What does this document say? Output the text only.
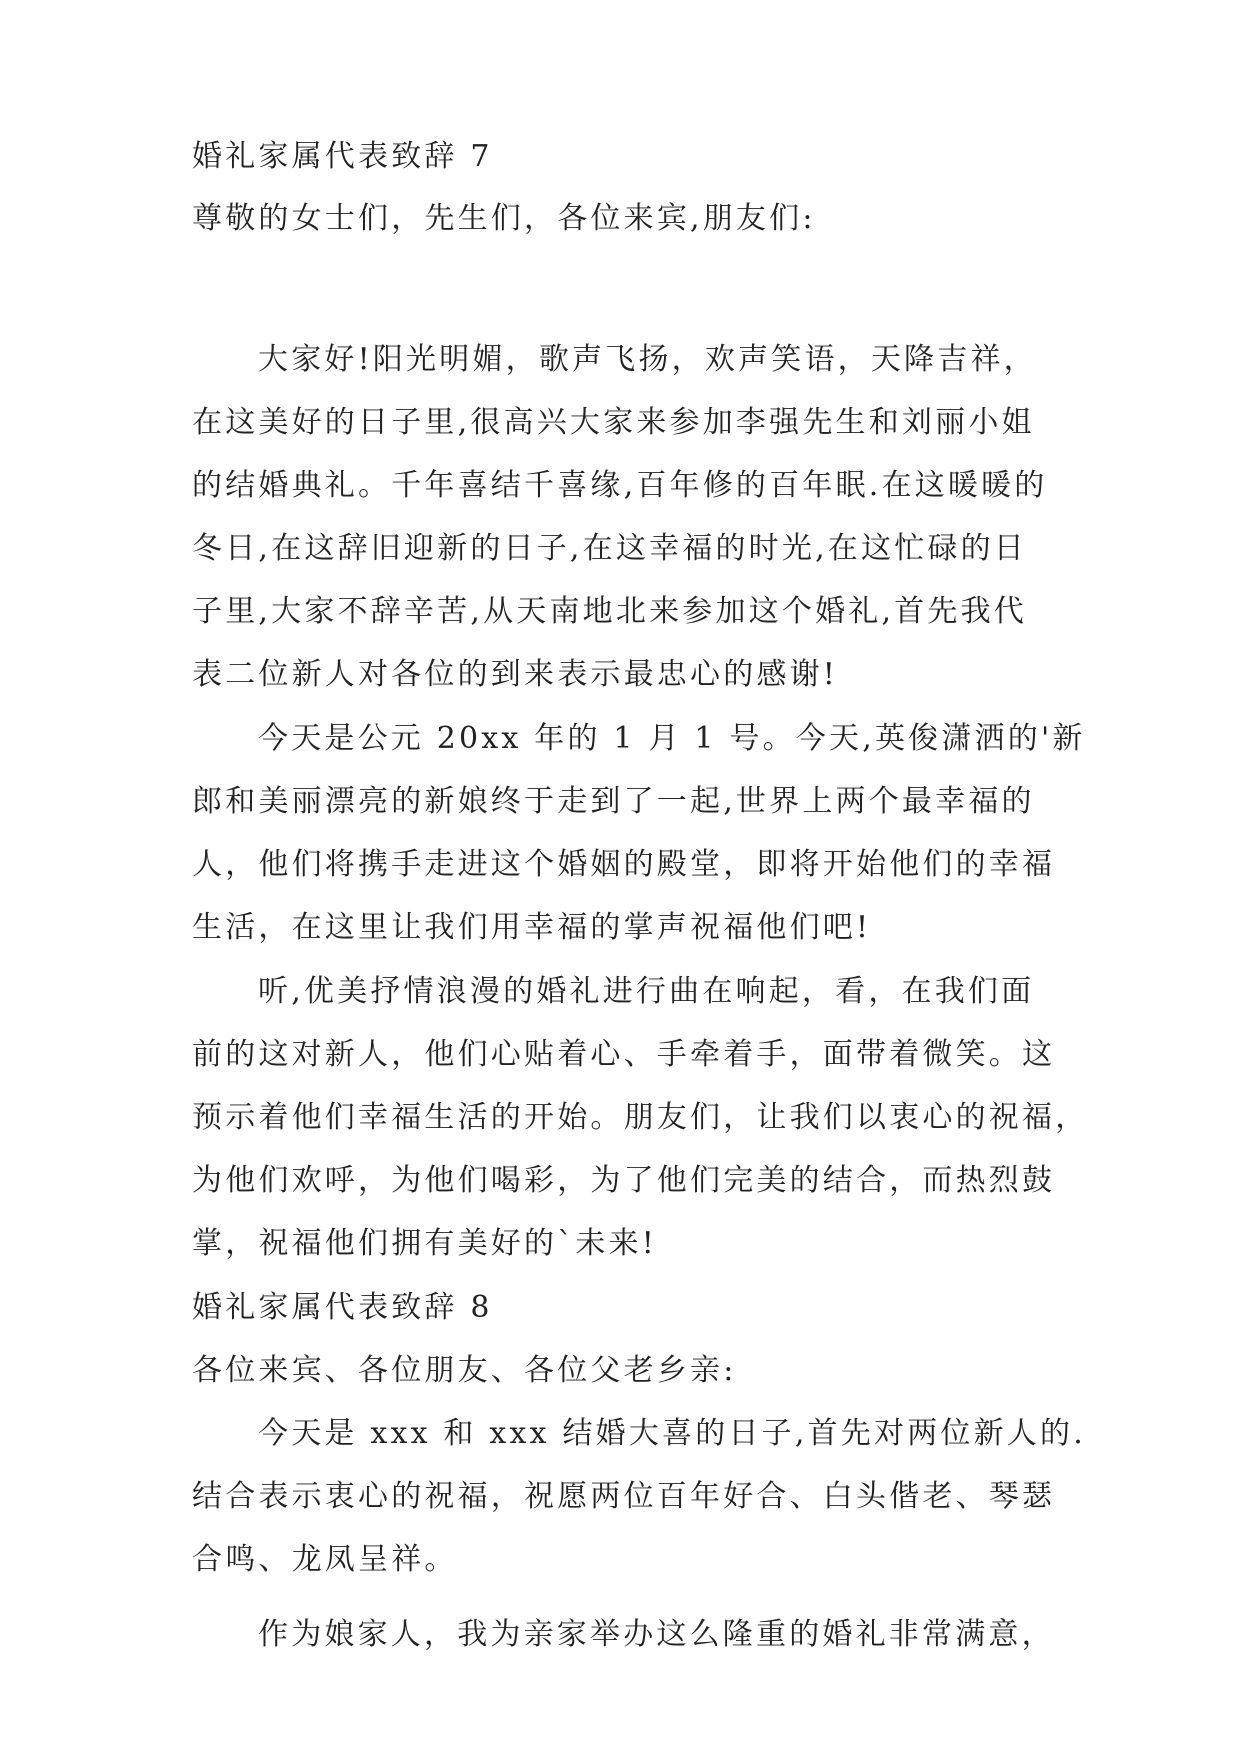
婚礼家属代表致辞 7
尊敬的女士们，先生们，各位来宾,朋友们:
大家好!阳光明媚，歌声飞扬，欢声笑语，天降吉祥，
在这美好的日子里,很高兴大家来参加李强先生和刘丽小姐
的结婚典礼。千年喜结千喜缘,百年修的百年眠.在这暖暖的
冬日,在这辞旧迎新的日子,在这幸福的时光,在这忙碌的日
子里,大家不辞辛苦,从天南地北来参加这个婚礼,首先我代
表二位新人对各位的到来表示最忠心的感谢!
今天是公元 20xx 年的 1 月 1 号。今天,英俊潇洒的'新
郎和美丽漂亮的新娘终于走到了一起,世界上两个最幸福的
人，他们将携手走进这个婚姻的殿堂，即将开始他们的幸福
生活，在这里让我们用幸福的掌声祝福他们吧!
听,优美抒情浪漫的婚礼进行曲在响起，看，在我们面
前的这对新人，他们心贴着心、手牵着手，面带着微笑。这
预示着他们幸福生活的开始。朋友们，让我们以衷心的祝福，
为他们欢呼，为他们喝彩，为了他们完美的结合，而热烈鼓
掌，祝福他们拥有美好的`未来!
婚礼家属代表致辞 8
各位来宾、各位朋友、各位父老乡亲:
今天是 xxx 和 xxx 结婚大喜的日子,首先对两位新人的.
结合表示衷心的祝福，祝愿两位百年好合、白头偕老、琴瑟
合鸣、龙凤呈祥。
作为娘家人，我为亲家举办这么隆重的婚礼非常满意，
